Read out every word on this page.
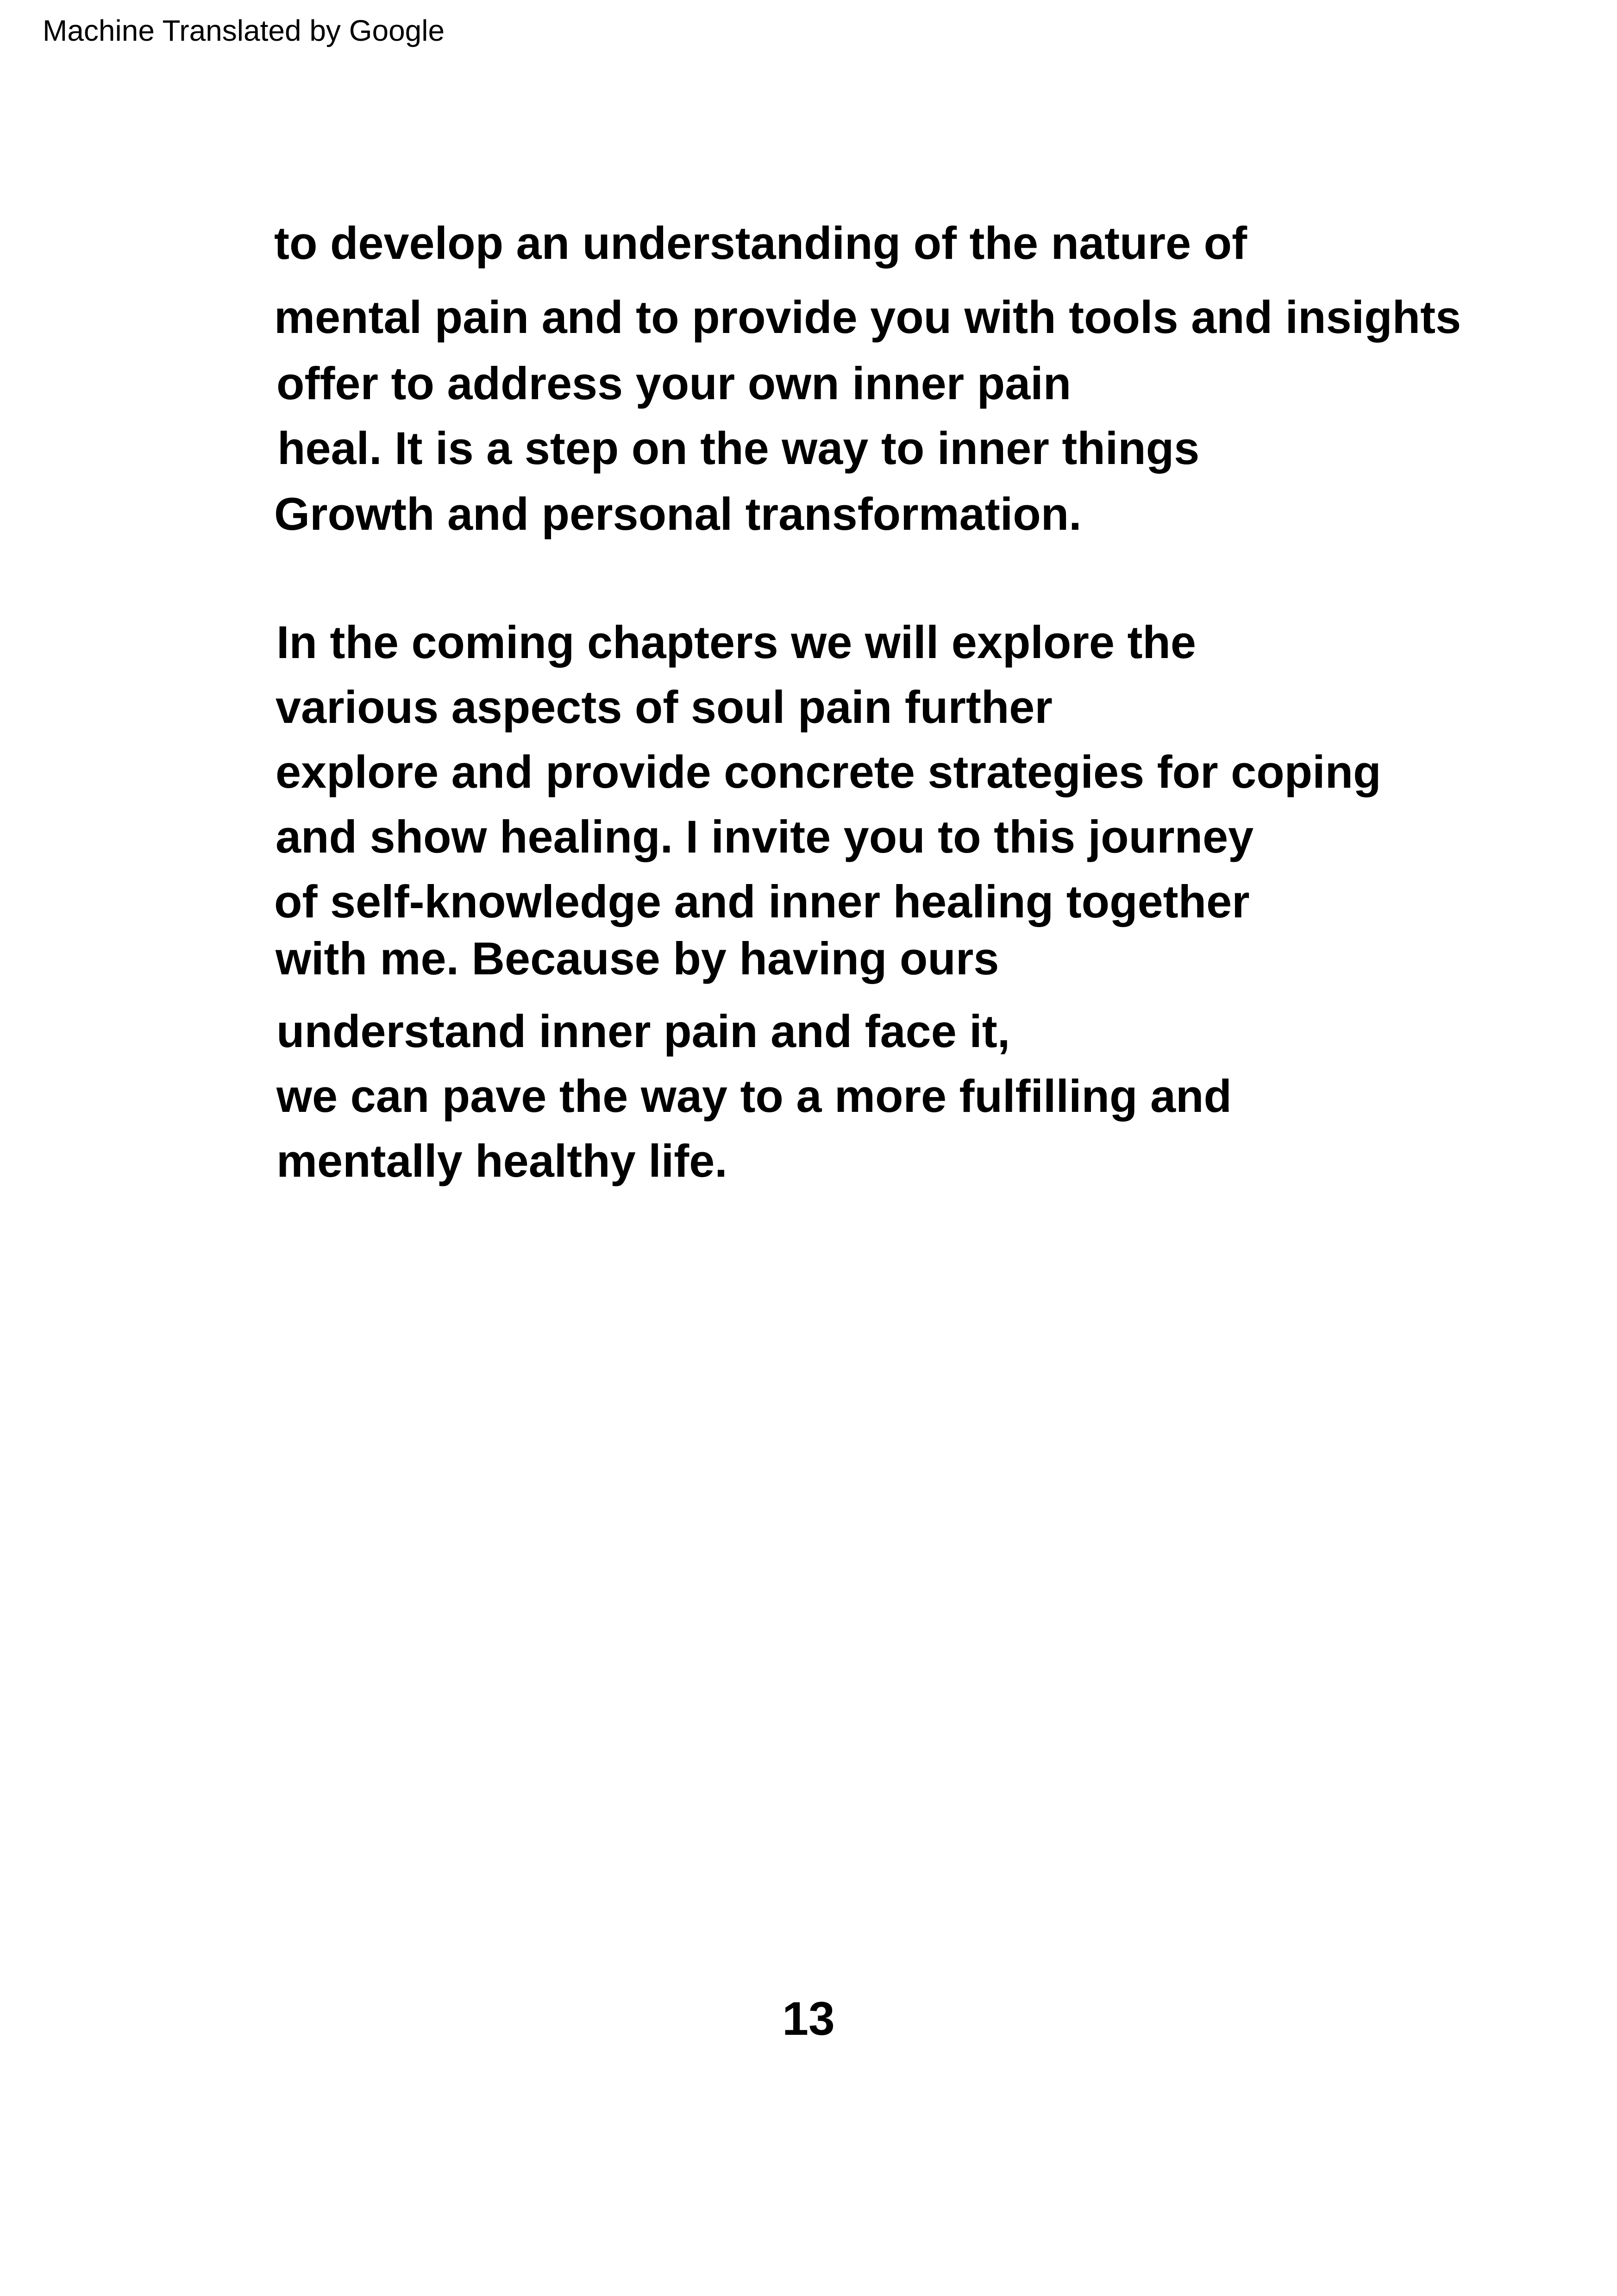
Machine Translated by Google
to develop an understanding of the nature of
mental pain and to provide you with tools and insights
offer to address your own inner pain
heal. It is a step on the way to inner things
Growth and personal transformation.
In the coming chapters we will explore the
various aspects of soul pain further
explore and provide concrete strategies for coping
and show healing. I invite you to this journey
of self-knowledge and inner healing together
with me. Because by having ours
understand inner pain and face it,
we can pave the way to a more fulfilling and
mentally healthy life.
13
